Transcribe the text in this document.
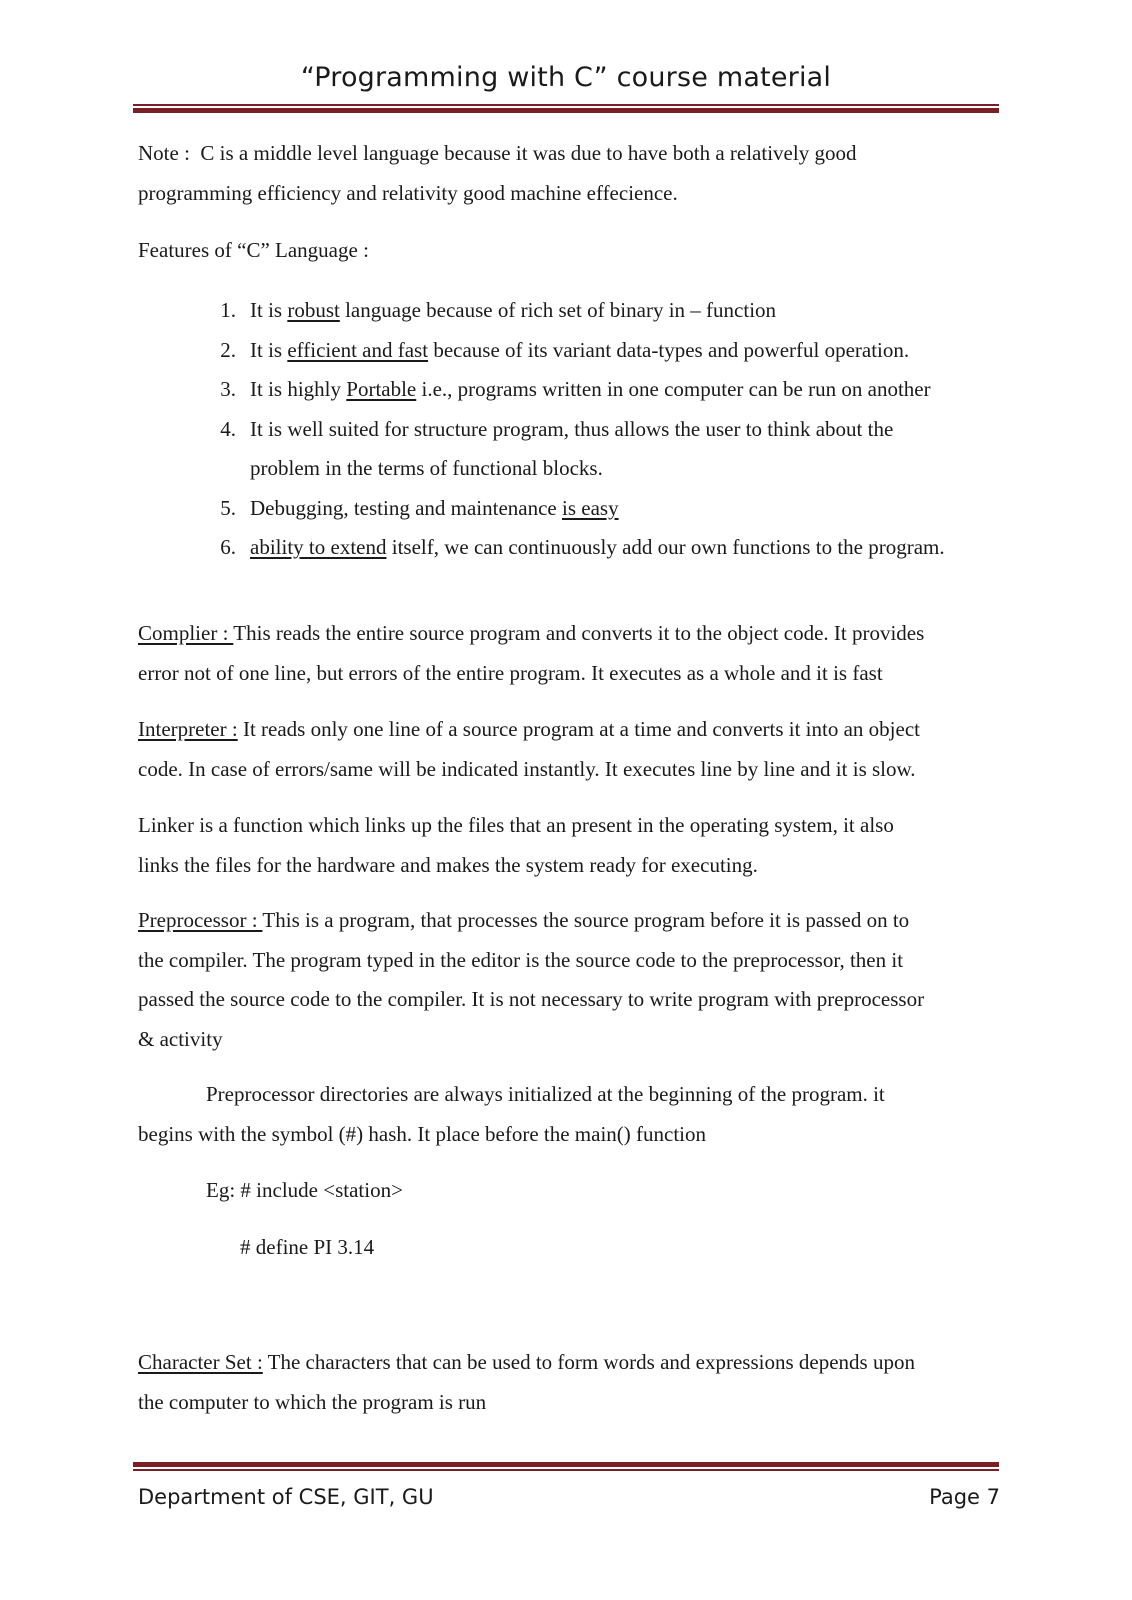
“Programming with C” course material
Note : C is a middle level language because it was due to have both a relatively good
programming efficiency and relativity good machine effecience.
Features of “C” Language :
1. It is robust language because of rich set of binary in – function
2. It is efficient and fast because of its variant data-types and powerful operation.
3. It is highly Portable i.e., programs written in one computer can be run on another
4. It is well suited for structure program, thus allows the user to think about the
problem in the terms of functional blocks.
5. Debugging, testing and maintenance is easy
6. ability to extend itself, we can continuously add our own functions to the program.
Complier : This reads the entire source program and converts it to the object code. It provides
error not of one line, but errors of the entire program. It executes as a whole and it is fast
Interpreter : It reads only one line of a source program at a time and converts it into an object
code. In case of errors/same will be indicated instantly. It executes line by line and it is slow.
Linker is a function which links up the files that an present in the operating system, it also
links the files for the hardware and makes the system ready for executing.
Preprocessor : This is a program, that processes the source program before it is passed on to
the compiler. The program typed in the editor is the source code to the preprocessor, then it
passed the source code to the compiler. It is not necessary to write program with preprocessor
& activity
Preprocessor directories are always initialized at the beginning of the program. it
begins with the symbol (#) hash. It place before the main() function
Eg: # include <station>
# define PI 3.14
Character Set : The characters that can be used to form words and expressions depends upon
the computer to which the program is run
Department of CSE, GIT, GU	Page 7
